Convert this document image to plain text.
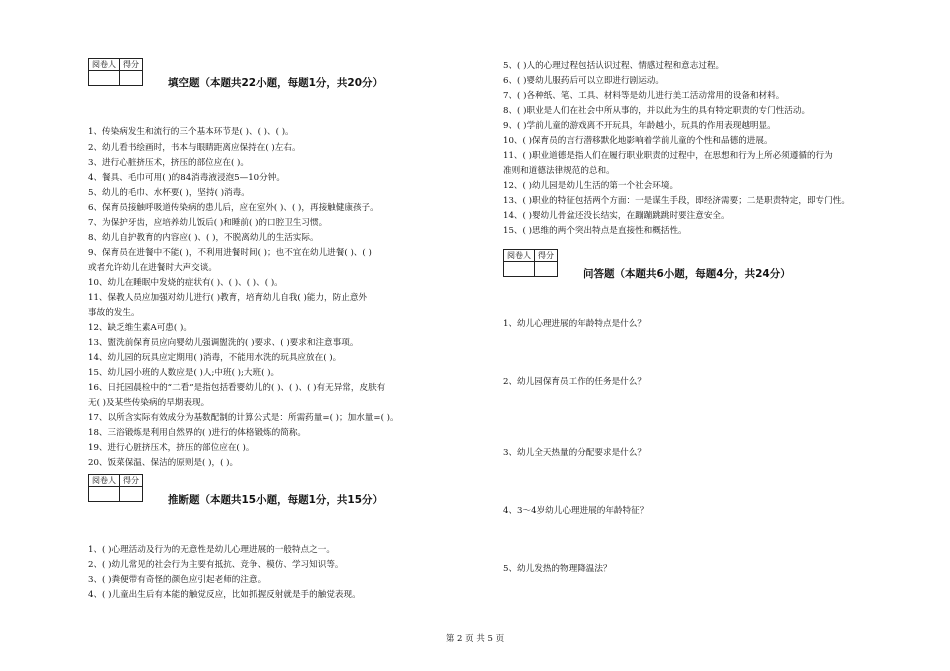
阅卷人	得分

填空题（本题共22小题，每题1分，共20分）
1、传染病发生和流行的三个基本环节是( )、( )、( )。
2、幼儿看书绘画时，书本与眼睛距离应保持在( )左右。
3、进行心脏挤压术，挤压的部位应在( )。
4、餐具、毛巾可用( )的84消毒液浸泡5—10分钟。
5、幼儿的毛巾、水杯要( )，坚持( )消毒。
6、保育员接触呼吸道传染病的患儿后，应在室外( )、( )，再接触健康孩子。
7、为保护牙齿，应培养幼儿饭后( )和睡前( )的口腔卫生习惯。
8、幼儿自护教育的内容应( )、( )，不脱离幼儿的生活实际。
9、保育员在进餐中不能( )，不利用进餐时间( )；也不宜在幼儿进餐( )、( )
或者允许幼儿在进餐时大声交谈。
10、幼儿在睡眠中发烧的症状有( )、( )、( )、( )。
11、保教人员应加强对幼儿进行( )教育，培育幼儿自我( )能力，防止意外
事故的发生。
12、缺乏维生素A可患( )。
13、盥洗前保育员应向婴幼儿强调盥洗的( )要求、( )要求和注意事项。
14、幼儿园的玩具应定期用( )消毒，不能用水洗的玩具应放在( )。
15、幼儿园小班的人数应是( )人;中班( );大班( )。
16、日托园晨检中的“二看”是指包括看婴幼儿的( )、( )、( )有无异常，皮肤有
无( )及某些传染病的早期表现。
17、以所含实际有效成分为基数配制的计算公式是：所需药量=( )；加水量=( )。
18、三浴锻炼是利用自然界的( )进行的体格锻炼的简称。
19、进行心脏挤压术，挤压的部位应在( )。
20、饭菜保温、保洁的原则是( )，( )。
阅卷人	得分

推断题（本题共15小题，每题1分，共15分）
1、( )心理活动及行为的无意性是幼儿心理进展的一般特点之一。
2、( )幼儿常见的社会行为主要有抵抗、竞争、模仿、学习知识等。
3、( )粪便带有奇怪的颜色应引起老师的注意。
4、( )儿童出生后有本能的触觉反应，比如抓握反射就是手的触觉表现。
5、( )人的心理过程包括认识过程、情感过程和意志过程。
6、( )婴幼儿服药后可以立即进行剧运动。
7、( )各种纸、笔、工具、材料等是幼儿进行美工活动常用的设备和材料。
8、( )职业是人们在社会中所从事的，并以此为生的具有特定职责的专门性活动。
9、( )学前儿童的游戏离不开玩具，年龄越小，玩具的作用表现越明显。
10、( )保育员的言行潜移默化地影响着学前儿童的个性和品德的进展。
11、( )职业道德是指人们在履行职业职责的过程中，在思想和行为上所必须遵循的行为
准则和道德法律规范的总和。
12、( )幼儿园是幼儿生活的第一个社会环境。
13、( )职业的特征包括两个方面：一是谋生手段，即经济需要；二是职责特定，即专门性。
14、( )婴幼儿骨盆还没长结实，在蹦蹦跳跳时要注意安全。
15、( )思维的两个突出特点是直接性和概括性。
阅卷人	得分

问答题（本题共6小题，每题4分，共24分）
1、幼儿心理进展的年龄特点是什么？
2、幼儿园保育员工作的任务是什么？
3、幼儿全天热量的分配要求是什么？
4、3～4岁幼儿心理进展的年龄特征？
5、幼儿发热的物理降温法？
第 2 页 共 5 页
